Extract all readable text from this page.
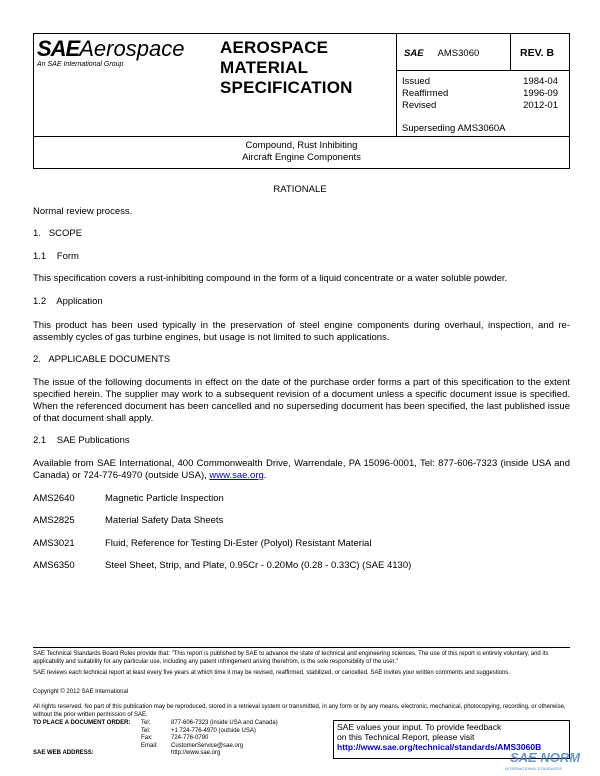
SAEAerospace
An SAE International Group
AEROSPACE
MATERIAL
SPECIFICATION
SAE AMS3060	REV. B
Issued	1984-04
Reaffirmed	1996-09
Revised	2012-01
Superseding AMS3060A
Compound, Rust Inhibiting
Aircraft Engine Components
RATIONALE
Normal review process.
1.   SCOPE
1.1    Form
This specification covers a rust-inhibiting compound in the form of a liquid concentrate or a water soluble powder.
1.2    Application
This product has been used typically in the preservation of steel engine components during overhaul, inspection, and re-assembly cycles of gas turbine engines, but usage is not limited to such applications.
2.   APPLICABLE DOCUMENTS
The issue of the following documents in effect on the date of the purchase order forms a part of this specification to the extent specified herein. The supplier may work to a subsequent revision of a document unless a specific document issue is specified. When the referenced document has been cancelled and no superseding document has been specified, the last published issue of that document shall apply.
2.1    SAE Publications
Available from SAE International, 400 Commonwealth Drive, Warrendale, PA 15096-0001, Tel: 877-606-7323 (inside USA and Canada) or 724-776-4970 (outside USA), www.sae.org.
AMS2640	Magnetic Particle Inspection
AMS2825	Material Safety Data Sheets
AMS3021	Fluid, Reference for Testing Di-Ester (Polyol) Resistant Material
AMS6350	Steel Sheet, Strip, and Plate, 0.95Cr - 0.20Mo (0.28 - 0.33C) (SAE 4130)
SAE Technical Standards Board Rules provide that: "This report is published by SAE to advance the state of technical and engineering sciences. The use of this report is entirely voluntary, and its applicability and suitability for any particular use, including any patent infringement arising therefrom, is the sole responsibility of the user."
SAE reviews each technical report at least every five years at which time it may be revised, reaffirmed, stabilized, or cancelled. SAE invites your written comments and suggestions.
Copyright © 2012 SAE International
All rights reserved. No part of this publication may be reproduced, stored in a retrieval system or transmitted, in any form or by any means, electronic, mechanical, photocopying, recording, or otherwise, without the prior written permission of SAE.
TO PLACE A DOCUMENT ORDER:	Tel:	877-606-7323 (inside USA and Canada)
Tel:	+1 724-776-4970 (outside USA)
Fax:	724-776-0790
Email:	CustomerService@sae.org
SAE WEB ADDRESS:	http://www.sae.org
SAE values your input. To provide feedback
on this Technical Report, please visit
http://www.sae.org/technical/standards/AMS3060B
SAE NORM
INTERNATIONAL STANDARDS
